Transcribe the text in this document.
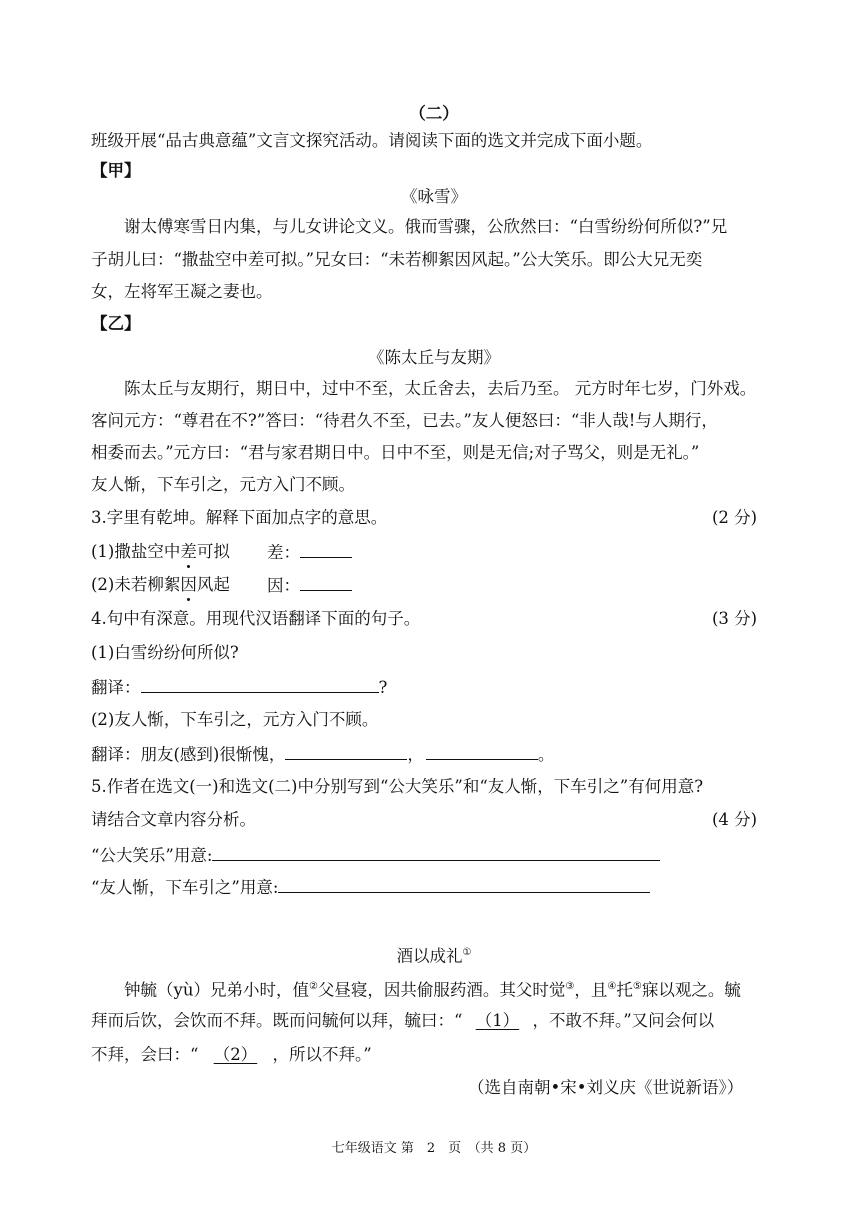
（二）
班级开展“品古典意蕴”文言文探究活动。请阅读下面的选文并完成下面小题。
【甲】
《咏雪》
谢太傅寒雪日内集，与儿女讲论文义。俄而雪骤，公欣然曰：“白雪纷纷何所似?”兄
子胡儿曰：“撒盐空中差可拟。”兄女曰：“未若柳絮因风起。”公大笑乐。即公大兄无奕
女，左将军王凝之妻也。
【乙】
《陈太丘与友期》
陈太丘与友期行，期日中，过中不至，太丘舍去，去后乃至。 元方时年七岁，门外戏。
客问元方：“尊君在不?”答曰：“待君久不至，已去。”友人便怒曰：“非人哉!与人期行，
相委而去。”元方曰：“君与家君期日中。日中不至，则是无信;对子骂父，则是无礼。”
友人惭，下车引之，元方入门不顾。
3.字里有乾坤。解释下面加点字的意思。	(2 分)
(1)撒盐空中差可拟 差：
(2)未若柳絮因风起 因：
4.句中有深意。用现代汉语翻译下面的句子。	(3 分)
(1)白雪纷纷何所似?
翻译：	?
(2)友人惭，下车引之，元方入门不顾。
翻译：朋友(感到)很惭愧，	，	。
5.作者在选文(一)和选文(二)中分别写到“公大笑乐”和“友人惭，下车引之”有何用意?
请结合文章内容分析。	(4 分)
“公大笑乐”用意:
“友人惭，下车引之”用意:
酒以成礼①
钟毓（yù）兄弟小时，值②父昼寝，因共偷服药酒。其父时觉③，且④托⑤寐以观之。毓
拜而后饮，会饮而不拜。既而问毓何以拜，毓曰：“ （1） ，不敢不拜。”又问会何以
不拜，会曰：“ （2） ，所以不拜。”
（选自南朝•宋•刘义庆《世说新语》）
七年级语文 第　2　页　（共 8 页）
